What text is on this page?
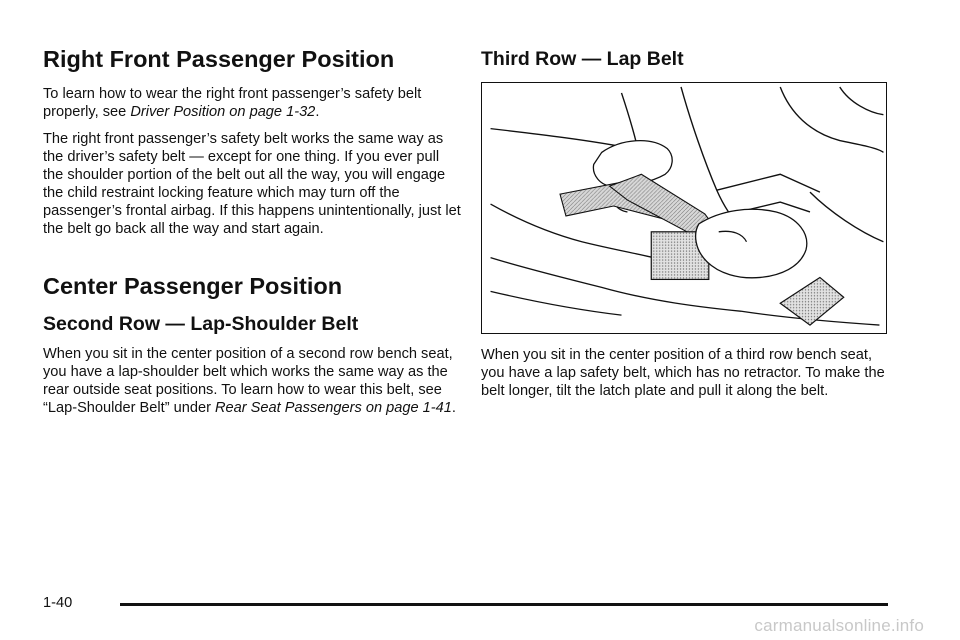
Right Front Passenger Position

To learn how to wear the right front passenger’s safety belt properly, see Driver Position on page 1-32.

The right front passenger’s safety belt works the same way as the driver’s safety belt — except for one thing. If you ever pull the shoulder portion of the belt out all the way, you will engage the child restraint locking feature which may turn off the passenger’s frontal airbag. If this happens unintentionally, just let the belt go back all the way and start again.

Center Passenger Position
Second Row — Lap-Shoulder Belt

When you sit in the center position of a second row bench seat, you have a lap-shoulder belt which works the same way as the rear outside seat positions. To learn how to wear this belt, see “Lap-Shoulder Belt” under Rear Seat Passengers on page 1-41.

Third Row — Lap Belt

When you sit in the center position of a third row bench seat, you have a lap safety belt, which has no retractor. To make the belt longer, tilt the latch plate and pull it along the belt.

1-40
carmanualsonline.info
